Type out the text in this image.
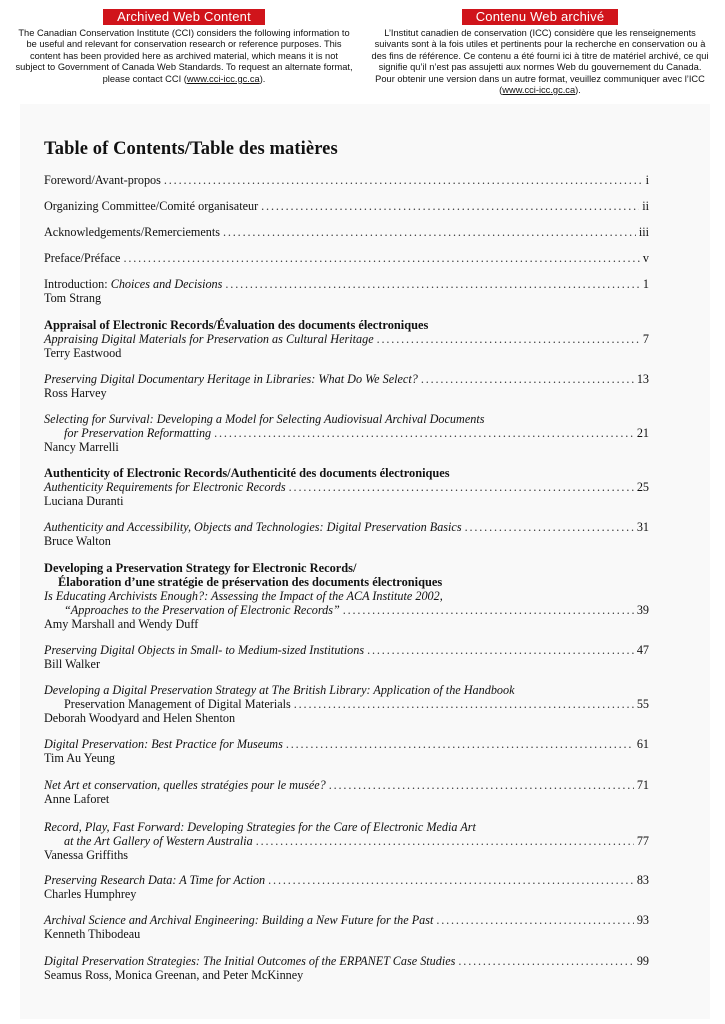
Archived Web Content
The Canadian Conservation Institute (CCI) considers the following information to be useful and relevant for conservation research or reference purposes. This content has been provided here as archived material, which means it is not subject to Government of Canada Web Standards. To request an alternate format, please contact CCI (www.cci-icc.gc.ca).
Contenu Web archivé
L’Institut canadien de conservation (ICC) considère que les renseignements suivants sont à la fois utiles et pertinents pour la recherche en conservation ou à des fins de référence. Ce contenu a été fourni ici à titre de matériel archivé, ce qui signifie qu’il n’est pas assujetti aux normes Web du gouvernement du Canada. Pour obtenir une version dans un autre format, veuillez communiquer avec l’ICC (www.cci-icc.gc.ca).
Table of Contents/Table des matières
Foreword/Avant-propos . . .	i
Organizing Committee/Comité organisateur . . .	ii
Acknowledgements/Remerciements . . .	iii
Preface/Préface . . .	v
Introduction: Choices and Decisions . . .	1
Tom Strang
Appraisal of Electronic Records/Évaluation des documents électroniques
Appraising Digital Materials for Preservation as Cultural Heritage . . .	7
Terry Eastwood
Preserving Digital Documentary Heritage in Libraries: What Do We Select? . . .	13
Ross Harvey
Selecting for Survival: Developing a Model for Selecting Audiovisual Archival Documents
for Preservation Reformatting . . .	21
Nancy Marrelli
Authenticity of Electronic Records/Authenticité des documents électroniques
Authenticity Requirements for Electronic Records . . .	25
Luciana Duranti
Authenticity and Accessibility, Objects and Technologies: Digital Preservation Basics . . .	31
Bruce Walton
Developing a Preservation Strategy for Electronic Records/
Élaboration d’une stratégie de préservation des documents électroniques
Is Educating Archivists Enough?: Assessing the Impact of the ACA Institute 2002,
“Approaches to the Preservation of Electronic Records” . . .	39
Amy Marshall and Wendy Duff
Preserving Digital Objects in Small- to Medium-sized Institutions . . .	47
Bill Walker
Developing a Digital Preservation Strategy at The British Library: Application of the Handbook
Preservation Management of Digital Materials . . .	55
Deborah Woodyard and Helen Shenton
Digital Preservation: Best Practice for Museums . . .	61
Tim Au Yeung
Net Art et conservation, quelles stratégies pour le musée? . . .	71
Anne Laforet
Record, Play, Fast Forward: Developing Strategies for the Care of Electronic Media Art
at the Art Gallery of Western Australia . . .	77
Vanessa Griffiths
Preserving Research Data: A Time for Action . . .	83
Charles Humphrey
Archival Science and Archival Engineering: Building a New Future for the Past . . .	93
Kenneth Thibodeau
Digital Preservation Strategies: The Initial Outcomes of the ERPANET Case Studies . . .	99
Seamus Ross, Monica Greenan, and Peter McKinney
